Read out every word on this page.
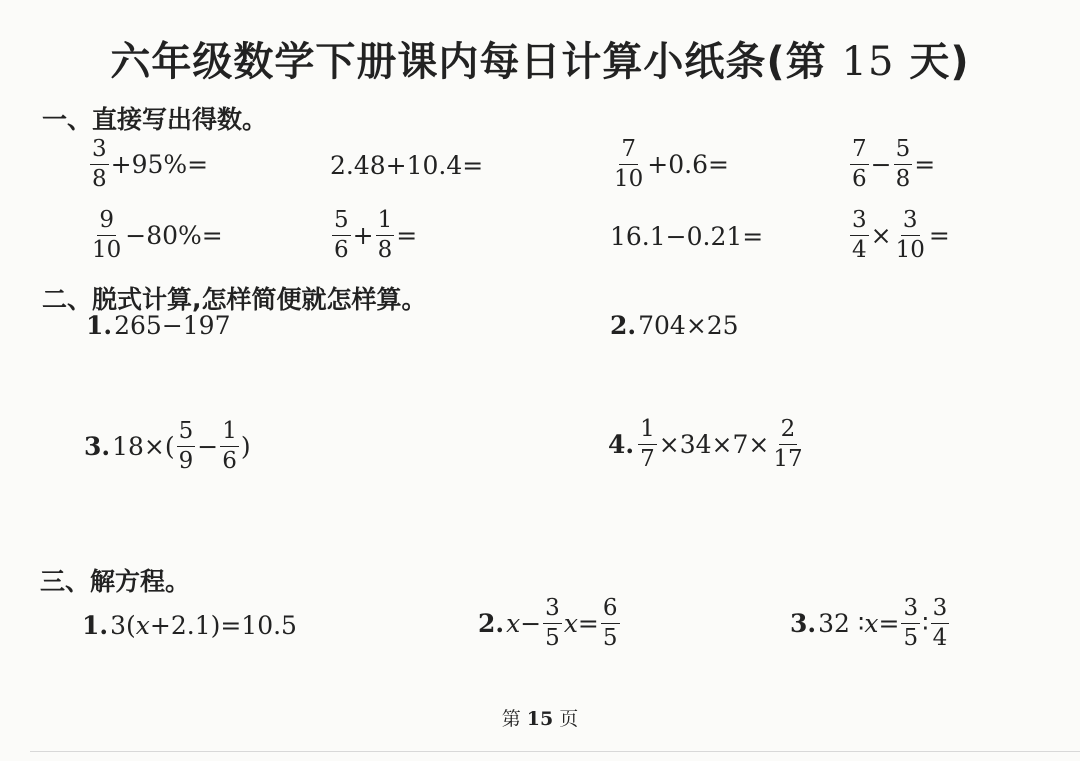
六年级数学下册课内每日计算小纸条(第 15 天)
一、直接写出得数。
$\frac{3}{8} +95\%=$	2.48+10.4=	$\frac{7}{10} +0.6=$	$\frac{7}{6} - \frac{5}{8}$ =
$\frac{9}{10} -80\%=$	$\frac{5}{6} + \frac{1}{8}$ =	16.1−0.21=	$\frac{3}{4} \times \frac{3}{10}$ =
二、脱式计算,怎样简便就怎样算。
1. 265−197	2. 704×25
3. $18\times( \frac{5}{9} - \frac{1}{6}$ )	4. $\frac{1}{7} \times 34\times 7\times \frac{2}{17}$
三、解方程。
1. 3( x +2.1)=10.5	2. $x - \frac{3}{5}$ $x = \frac{6}{5}$	3. 32 ∶ $x = \frac{3}{5}$ ∶ $\frac{3}{4}$
第 15 页
